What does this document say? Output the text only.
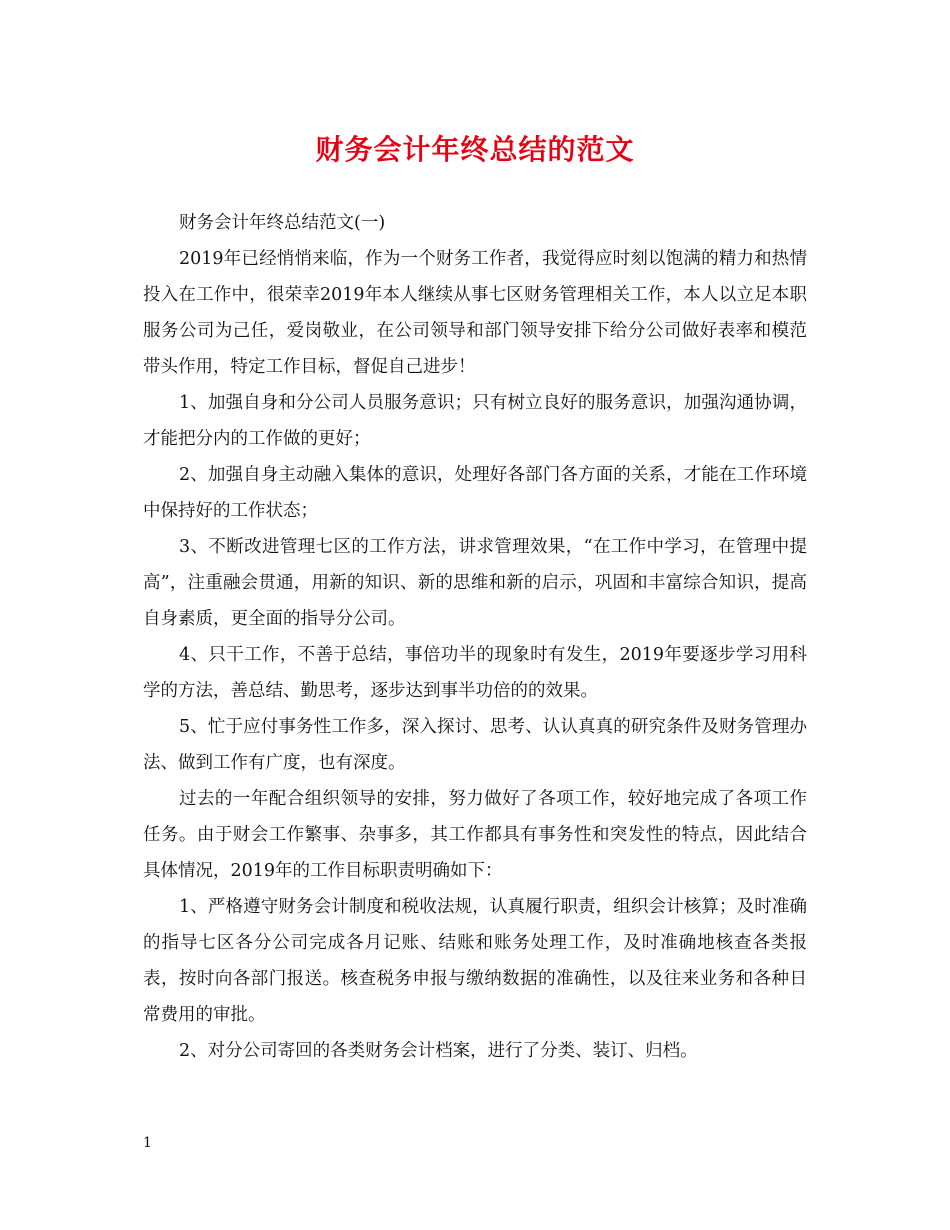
财务会计年终总结的范文

财务会计年终总结范文(一)

2019年已经悄悄来临，作为一个财务工作者，我觉得应时刻以饱满的精力和热情投入在工作中，很荣幸2019年本人继续从事七区财务管理相关工作，本人以立足本职服务公司为己任，爱岗敬业，在公司领导和部门领导安排下给分公司做好表率和模范带头作用，特定工作目标，督促自己进步！

1、加强自身和分公司人员服务意识；只有树立良好的服务意识，加强沟通协调，才能把分内的工作做的更好；

2、加强自身主动融入集体的意识，处理好各部门各方面的关系，才能在工作环境中保持好的工作状态；

3、不断改进管理七区的工作方法，讲求管理效果，“在工作中学习，在管理中提高”，注重融会贯通，用新的知识、新的思维和新的启示，巩固和丰富综合知识，提高自身素质，更全面的指导分公司。

4、只干工作，不善于总结，事倍功半的现象时有发生，2019年要逐步学习用科学的方法，善总结、勤思考，逐步达到事半功倍的的效果。

5、忙于应付事务性工作多，深入探讨、思考、认认真真的研究条件及财务管理办法、做到工作有广度，也有深度。

过去的一年配合组织领导的安排，努力做好了各项工作，较好地完成了各项工作任务。由于财会工作繁事、杂事多，其工作都具有事务性和突发性的特点，因此结合具体情况，2019年的工作目标职责明确如下：

1、严格遵守财务会计制度和税收法规，认真履行职责，组织会计核算；及时准确的指导七区各分公司完成各月记账、结账和账务处理工作，及时准确地核查各类报表，按时向各部门报送。核查税务申报与缴纳数据的准确性，以及往来业务和各种日常费用的审批。

2、对分公司寄回的各类财务会计档案，进行了分类、装订、归档。

1
